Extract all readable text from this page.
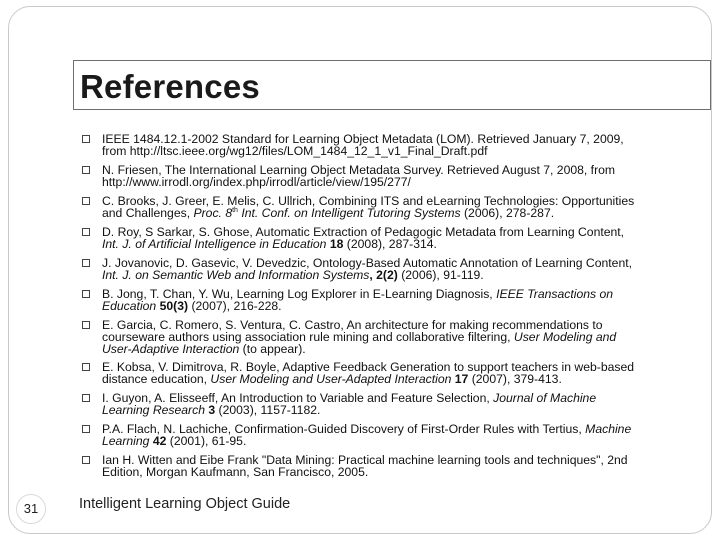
References
IEEE 1484.12.1-2002 Standard for Learning Object Metadata (LOM). Retrieved January 7, 2009,
from http://ltsc.ieee.org/wg12/files/LOM_1484_12_1_v1_Final_Draft.pdf
N. Friesen, The International Learning Object Metadata Survey. Retrieved August 7, 2008, from
http://www.irrodl.org/index.php/irrodl/article/view/195/277/
C. Brooks, J. Greer, E. Melis, C. Ullrich, Combining ITS and eLearning Technologies: Opportunities
and Challenges, Proc. 8th Int. Conf. on Intelligent Tutoring Systems (2006), 278-287.
D. Roy, S Sarkar, S. Ghose, Automatic Extraction of Pedagogic Metadata from Learning Content,
Int. J. of Artificial Intelligence in Education 18 (2008), 287-314.
J. Jovanovic, D. Gasevic, V. Devedzic, Ontology-Based Automatic Annotation of Learning Content,
Int. J. on Semantic Web and Information Systems, 2(2) (2006), 91-119.
B. Jong, T. Chan, Y. Wu, Learning Log Explorer in E-Learning Diagnosis, IEEE Transactions on
Education 50(3) (2007), 216-228.
E. Garcia, C. Romero, S. Ventura, C. Castro, An architecture for making recommendations to
courseware authors using association rule mining and collaborative filtering, User Modeling and
User-Adaptive Interaction (to appear).
E. Kobsa, V. Dimitrova, R. Boyle, Adaptive Feedback Generation to support teachers in web-based
distance education, User Modeling and User-Adapted Interaction 17 (2007), 379-413.
I. Guyon, A. Elisseeff, An Introduction to Variable and Feature Selection, Journal of Machine
Learning Research 3 (2003), 1157-1182.
P.A. Flach, N. Lachiche, Confirmation-Guided Discovery of First-Order Rules with Tertius, Machine
Learning 42 (2001), 61-95.
Ian H. Witten and Eibe Frank "Data Mining: Practical machine learning tools and techniques", 2nd
Edition, Morgan Kaufmann, San Francisco, 2005.
31	Intelligent Learning Object Guide
